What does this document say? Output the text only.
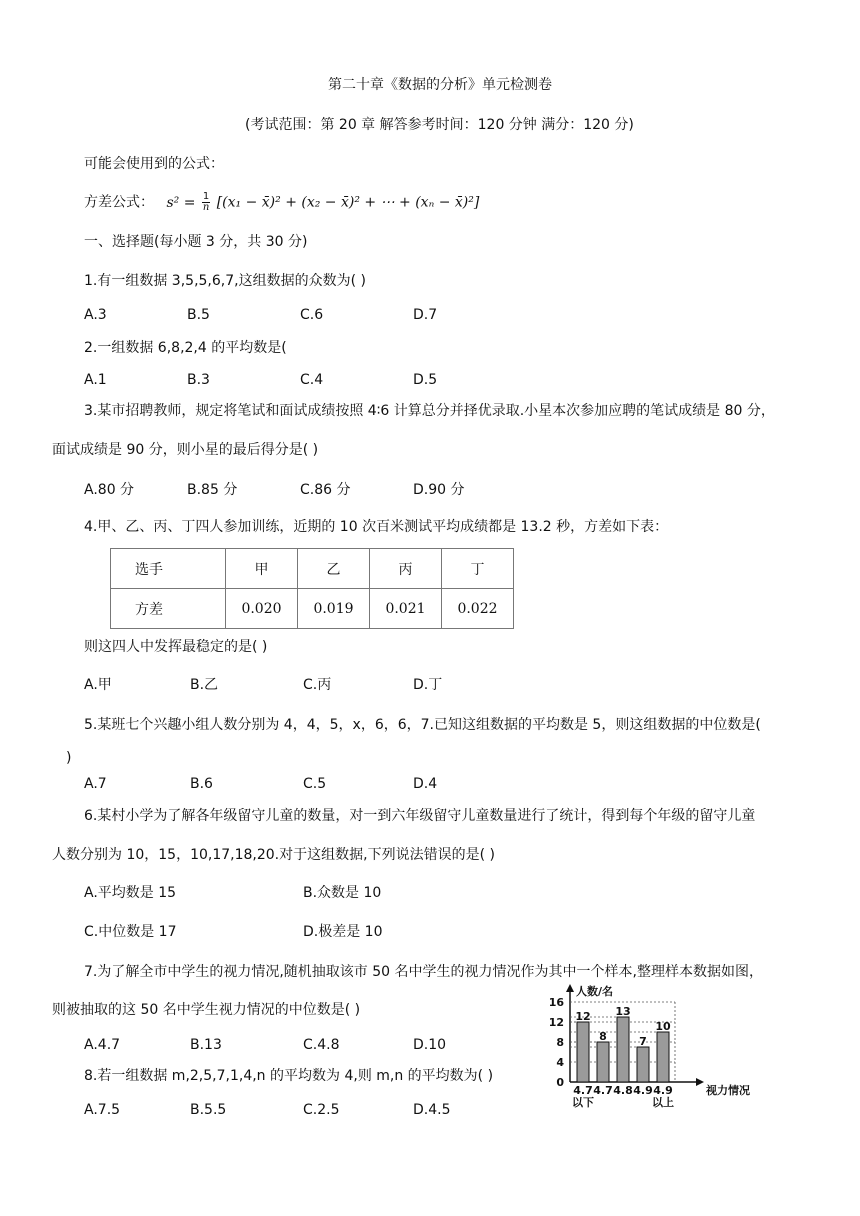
第二十章《数据的分析》单元检测卷
(考试范围：第 20 章 解答参考时间：120 分钟 满分：120 分)
可能会使用到的公式：
方差公式： $s^2 = \frac{1}{n} [(x_1$ − x̄)² + (x₂ − x̄)² + ⋯ + (xₙ − x̄)²]
一、选择题(每小题 3 分，共 30 分)
1.有一组数据 3,5,5,6,7,这组数据的众数为( )
A.3	B.5	C.6	D.7
2.一组数据 6,8,2,4 的平均数是(
A.1	B.3	C.4	D.5
3.某市招聘教师，规定将笔试和面试成绩按照 4∶6 计算总分并择优录取.小星本次参加应聘的笔试成绩是 80 分，
面试成绩是 90 分，则小星的最后得分是( )
A.80 分	B.85 分	C.86 分	D.90 分
4.甲、乙、丙、丁四人参加训练，近期的 10 次百米测试平均成绩都是 13.2 秒，方差如下表：
选手	甲	乙	丙	丁
方差	0.020	0.019	0.021	0.022
则这四人中发挥最稳定的是( )
A.甲	B.乙	C.丙	D.丁
5.某班七个兴趣小组人数分别为 4，4，5，x，6，6，7.已知这组数据的平均数是 5，则这组数据的中位数是(
)
A.7	B.6	C.5	D.4
6.某村小学为了解各年级留守儿童的数量，对一到六年级留守儿童数量进行了统计，得到每个年级的留守儿童
人数分别为 10，15，10,17,18,20.对于这组数据,下列说法错误的是( )
A.平均数是 15	B.众数是 10
C.中位数是 17	D.极差是 10
7.为了解全市中学生的视力情况,随机抽取该市 50 名中学生的视力情况作为其中一个样本,整理样本数据如图，
则被抽取的这 50 名中学生视力情况的中位数是( )
A.4.7	B.13	C.4.8	D.10
8.若一组数据 m,2,5,7,1,4,n 的平均数为 4,则 m,n 的平均数为( )
A.7.5	B.5.5	C.2.5	D.4.5
人数/名
视力情况
12
8
13
7
10
0
4
8
12
16
4.7
以下
4.7 4.8 4.9 4.9
以上
